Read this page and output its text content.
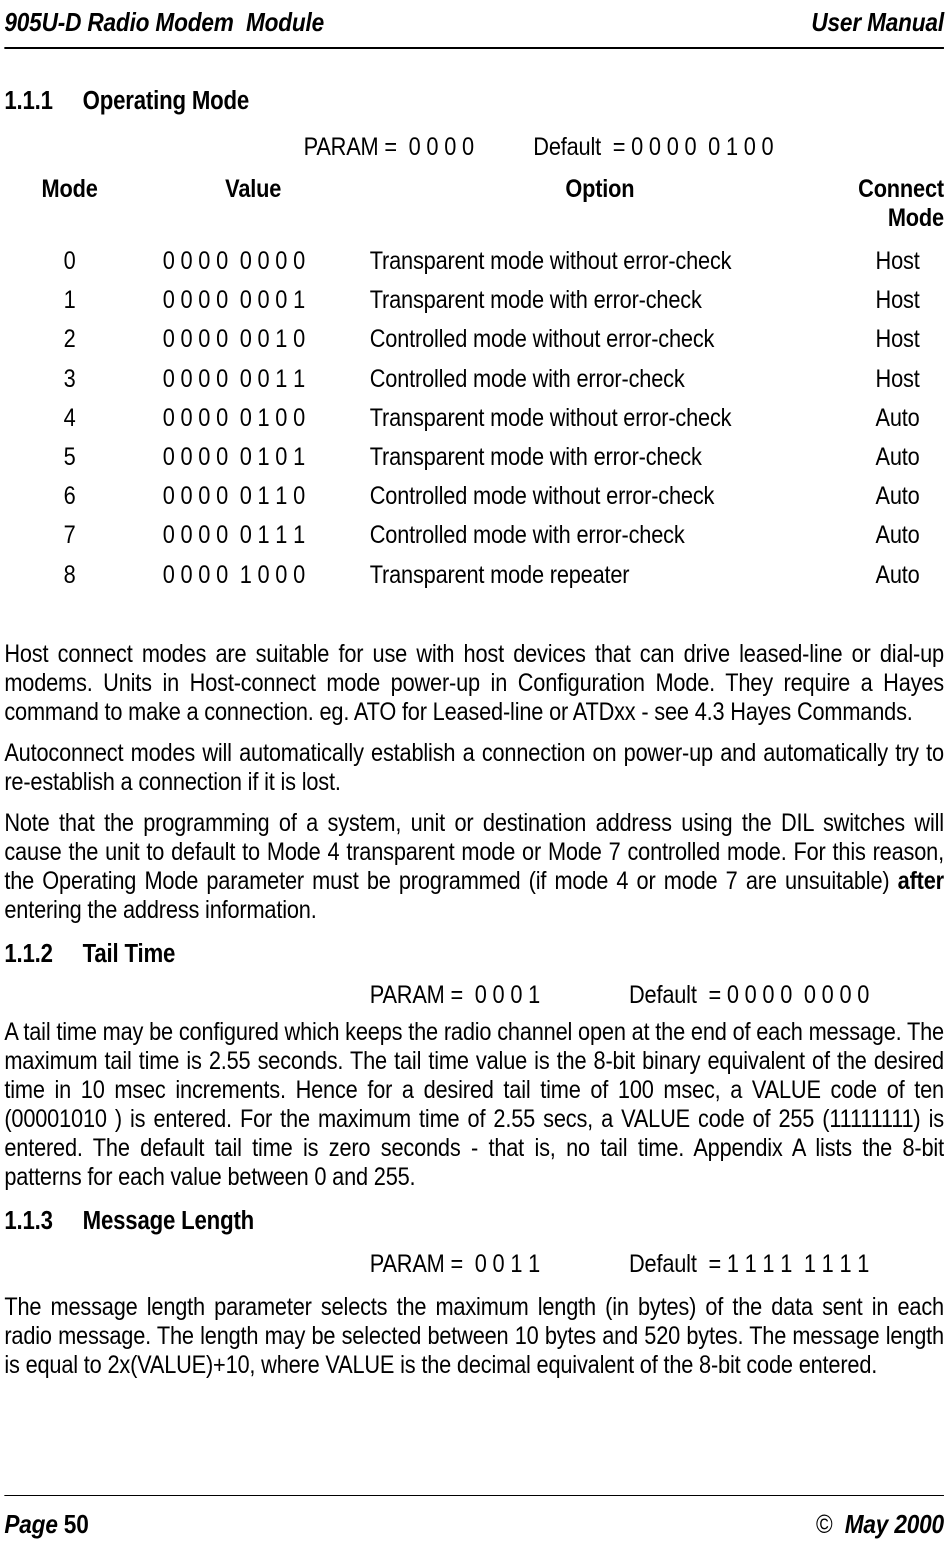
905U-D Radio Modem  Module	User Manual
1.1.1 Operating Mode
PARAM =  0 0 0 0 Default  = 0 0 0 0  0 1 0 0
Mode	Value	Option	Connect
Mode

0	0 0 0 0  0 0 0 0	Transparent mode without error-check	Host
1	0 0 0 0  0 0 0 1	Transparent mode with error-check	Host
2	0 0 0 0  0 0 1 0	Controlled mode without error-check	Host
3	0 0 0 0  0 0 1 1	Controlled mode with error-check	Host
4	0 0 0 0  0 1 0 0	Transparent mode without error-check	Auto
5	0 0 0 0  0 1 0 1	Transparent mode with error-check	Auto
6	0 0 0 0  0 1 1 0	Controlled mode without error-check	Auto
7	0 0 0 0  0 1 1 1	Controlled mode with error-check	Auto
8	0 0 0 0  1 0 0 0	Transparent mode repeater	Auto

Host connect modes are suitable for use with host devices that can drive leased-line or dial-up modems. Units in Host-connect mode power-up in Configuration Mode. They require a Hayes command to make a connection. eg. ATO for Leased-line or ATDxx - see 4.3 Hayes Commands.

Autoconnect modes will automatically establish a connection on power-up and automatically try to re-establish a connection if it is lost.

Note that the programming of a system, unit or destination address using the DIL switches will cause the unit to default to Mode 4 transparent mode or Mode 7 controlled mode. For this reason, the Operating Mode parameter must be programmed (if mode 4 or mode 7 are unsuitable) after entering the address information.

1.1.2 Tail Time
PARAM =  0 0 0 1	Default  = 0 0 0 0  0 0 0 0

A tail time may be configured which keeps the radio channel open at the end of each message. The maximum tail time is 2.55 seconds. The tail time value is the 8-bit binary equivalent of the desired time in 10 msec increments. Hence for a desired tail time of 100 msec, a VALUE code of ten (00001010 ) is entered. For the maximum time of 2.55 secs, a VALUE code of 255 (11111111) is entered. The default tail time is zero seconds - that is, no tail time. Appendix A lists the 8-bit patterns for each value between 0 and 255.

1.1.3 Message Length
PARAM =  0 0 1 1	Default  = 1 1 1 1  1 1 1 1

The message length parameter selects the maximum length (in bytes) of the data sent in each radio message. The length may be selected between 10 bytes and 520 bytes. The message length is equal to 2x(VALUE)+10, where VALUE is the decimal equivalent of the 8-bit code entered.

Page 50	© May 2000
